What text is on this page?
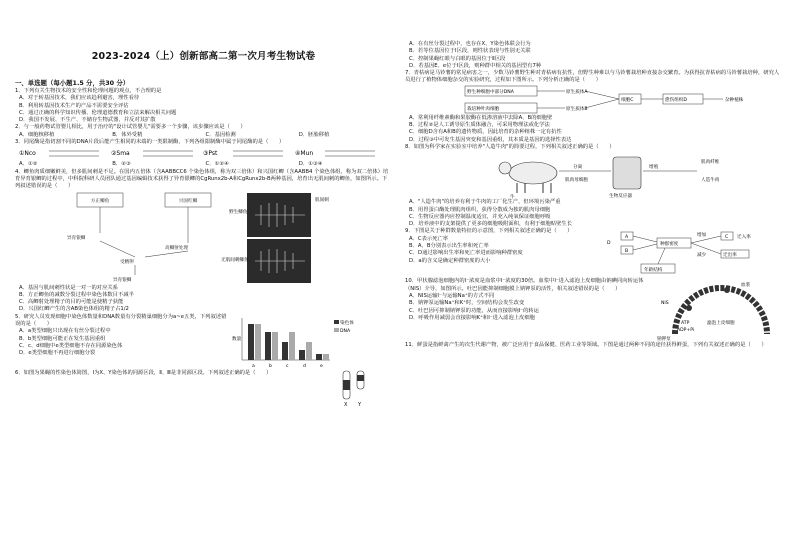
2023-2024（上）创新部高二第一次月考生物试卷
一、单选题（每小题1.5 分，共30 分）

1．下列有关生物技术的安全性和伦理问题的观点，不合理的是

A．对于转基因技术，我们应该趋利避害，理性看待

B．利用转基因技术生产的产品不需要安全评估

C．通过正确的科学知识传播、伦理道德教育和立法来解决相关问题

D．我国不发展、不生产、不储存生物武器，并反对其扩散

2．与一般药物试管婴儿相比，用于治疗的"设计试管婴儿"需要多一个步骤，该步骤应该是（　　）

A．细胞核移植	B．体外受精	C．基因检测	D．胚胎移植

3．同尾酶是指切割不同的DNA片段后能产生相同的末端的一类限制酶，下列各组限制酶中属于同尾酶的是（　　）

①Nco	②Sma	③Pst	④Mun
A．①②	B．②③	C．①②④	D．①③④

4．鲫鱼肉质细嫩鲜美，但多肌间刺是不足。在国内五倍体（含AABBCC6 个染色体组，称为双三倍体）和兴国红鲫（含AABB4 个染色体组，称为双二倍体）培育异育银鲫的过程中，中科院科研人员团队通过基因编辑技术获得了异育银鲫的CgRunx2b-A和CgRunx2b-B两种基因，培育出无肌间刺的鲫鱼，如图所示。下列叙述错误的是（　　）

方正鲫鱼	兴国红鲫
异育银鲫
高鲫射处理
受精卵
异育银鲫
野生鲫鱼
无肌间刺鲫鱼
肌间刺

A．基因与肌间刺性状是一对一的对应关系

B．方正鲫鱼的减数分裂过程中染色体数目不减半

C．高鲫射处理精子的目的可能是使精子获能

D．兴国红鲫产生的含AB染色体组的精子占1/2

5．研究人员发现细胞中染色体数量和DNA数量有分裂精巢细胞分为a~e五类，下列叙述错误的是（　　）

A．a类型细胞只出现在有丝分裂过程中

B．b类型细胞可能正在发生基因重组

C．c、d细胞中e类型细胞不存在同源染色体

D．e类型细胞不再进行细胞分裂

数量
a	b	c	d	e
染色体
DNA

6．如图为果蝇的性染色体简图，Ⅰ为X、Y染色体的同源区段，Ⅱ、Ⅲ是非同源区段。下列叙述正确的是（　　）

X Y

A．在有丝分裂过程中，也存在X、Y染色体联会行为

B．若等位基因位于Ⅰ区段，则性状表现与性别无关联

C．控制果蝇红眼与白眼的基因位于Ⅱ区段

D．若基因E、e位于Ⅰ区段，则种群中相关的基因型有7种

7．青枯病是马铃薯的常见病害之一，少数马铃薯野生种对青枯病有抗性，但野生种难以与马铃薯栽培种直接杂交繁育。为获得抗青枯病的马铃薯栽培种，研究人员进行了植物体细胞杂交的实验研究，过程如下图所示。下列分析正确的是（　　）

野生种细胞中部分DNA
栽培种叶肉细胞
原生质体A
原生质体B
细胞C	愈伤组织D	杂种植株

A．常利用纤维素酶和果胶酶在低渗溶液中去除A、B的细胞壁

B．过程②是人工诱导原生质体融合，可采用物理法或化学法

C．细胞D含有A和B的遗传物质，因此培育的杂种植株一定有抗性

D．过程③中可发生基因突变和基因重组，其本质是基因的选择性表达

8．如图为科学家在实验室中培养"人造牛肉"的简要过程，下列相关叙述正确的是（　　）

牛
肌肉母细胞
分离	增殖
生物反应器
肌肉纤维
人造牛肉

A．"人造牛肉"的培养有利于牛肉的工厂化生产，但环境污染严重

B．用胃蛋白酶处理肌肉组织，获得分散成为独的肌肉母细胞

C．生物反应器内应控制温度适宜，并充入纯氧保证细胞呼吸

D．培养液中的支架提供了更多的细胞吸附面积，有利于细胞贴壁生长

9．下图是关于种群数量特征的示意图，下列相关叙述正确的是（　　）

A．C表示死亡率

B．A、B分别表示出生率和死亡率

C．D通过影响出生率和死亡率进而影响种群密度

D．a的含义是确定种群密度的大小

A
B
种群密度
C
D
年龄结构
迁出率
迁入率
减少
增加

10．甲状腺滤泡细胞内的I⁻浓度是血浆中I⁻浓度的30倍。血浆中I⁻进入滤泡上皮细胞由钠碘同向转运体（NIS）介导，如图所示。吐巴因能抑制细胞膜上钠钾泵的活性，相关叙述错误的是（　　）

A．NIS运输I⁻与运输Na⁺的方式不同

B．钠钾泵运输Na⁺和K⁺时，空间结构会发生改变

C．吐巴因可抑制钠钾泵的功能，从而直接影响I⁻的转运

D．呼吸作用减弱会直接影响K⁺和I⁻进入滤泡上皮细胞

NIS
钠钾泵
血浆
滤泡上皮细胞
ATP
ADP+Pi

11．鲜蛋是指鲜禽产生的次生代谢产物，被广泛应用于食品保健、医药工业等领域。下图是通过两种不同的途径获得鲜蛋，下列有关叙述正确的是（　　）
